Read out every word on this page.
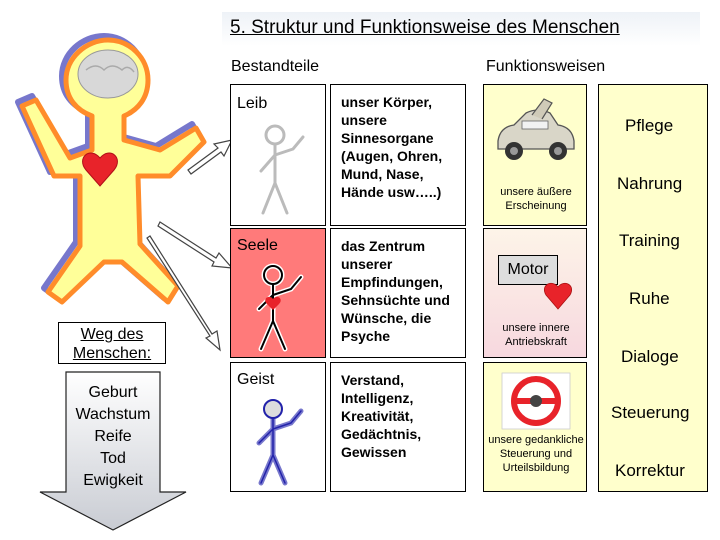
5. Struktur und Funktionsweise des Menschen
Bestandteile	Funktionsweisen
Weg des Menschen:
Geburt
Wachstum
Reife
Tod
Ewigkeit
Leib	unser Körper, unsere Sinnesorgane (Augen, Ohren, Mund, Nase, Hände usw…..)	unsere äußere Erscheinung
Seele	das Zentrum unserer Empfindungen, Sehnsüchte und Wünsche, die Psyche
Motor
unsere innere Antriebskraft
Geist	Verstand, Intelligenz, Kreativität, Gedächtnis, Gewissen
unsere gedankliche Steuerung und Urteilsbildung
Pflege
Nahrung
Training
Ruhe
Dialoge
Steuerung
Korrektur
